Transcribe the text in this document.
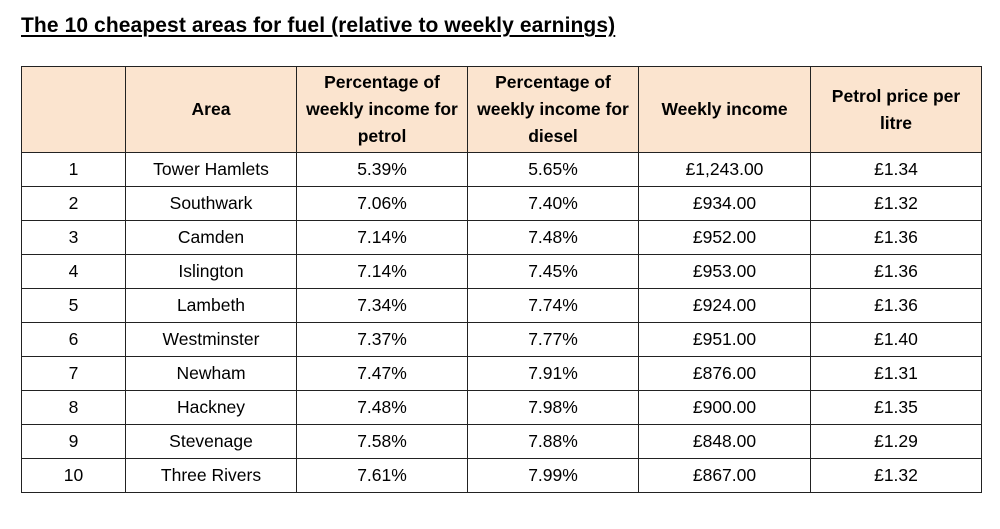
The 10 cheapest areas for fuel (relative to weekly earnings)
	Area	Percentage of weekly income for petrol	Percentage of weekly income for diesel	Weekly income	Petrol price per litre
1	Tower Hamlets	5.39%	5.65%	£1,243.00	£1.34
2	Southwark	7.06%	7.40%	£934.00	£1.32
3	Camden	7.14%	7.48%	£952.00	£1.36
4	Islington	7.14%	7.45%	£953.00	£1.36
5	Lambeth	7.34%	7.74%	£924.00	£1.36
6	Westminster	7.37%	7.77%	£951.00	£1.40
7	Newham	7.47%	7.91%	£876.00	£1.31
8	Hackney	7.48%	7.98%	£900.00	£1.35
9	Stevenage	7.58%	7.88%	£848.00	£1.29
10	Three Rivers	7.61%	7.99%	£867.00	£1.32
